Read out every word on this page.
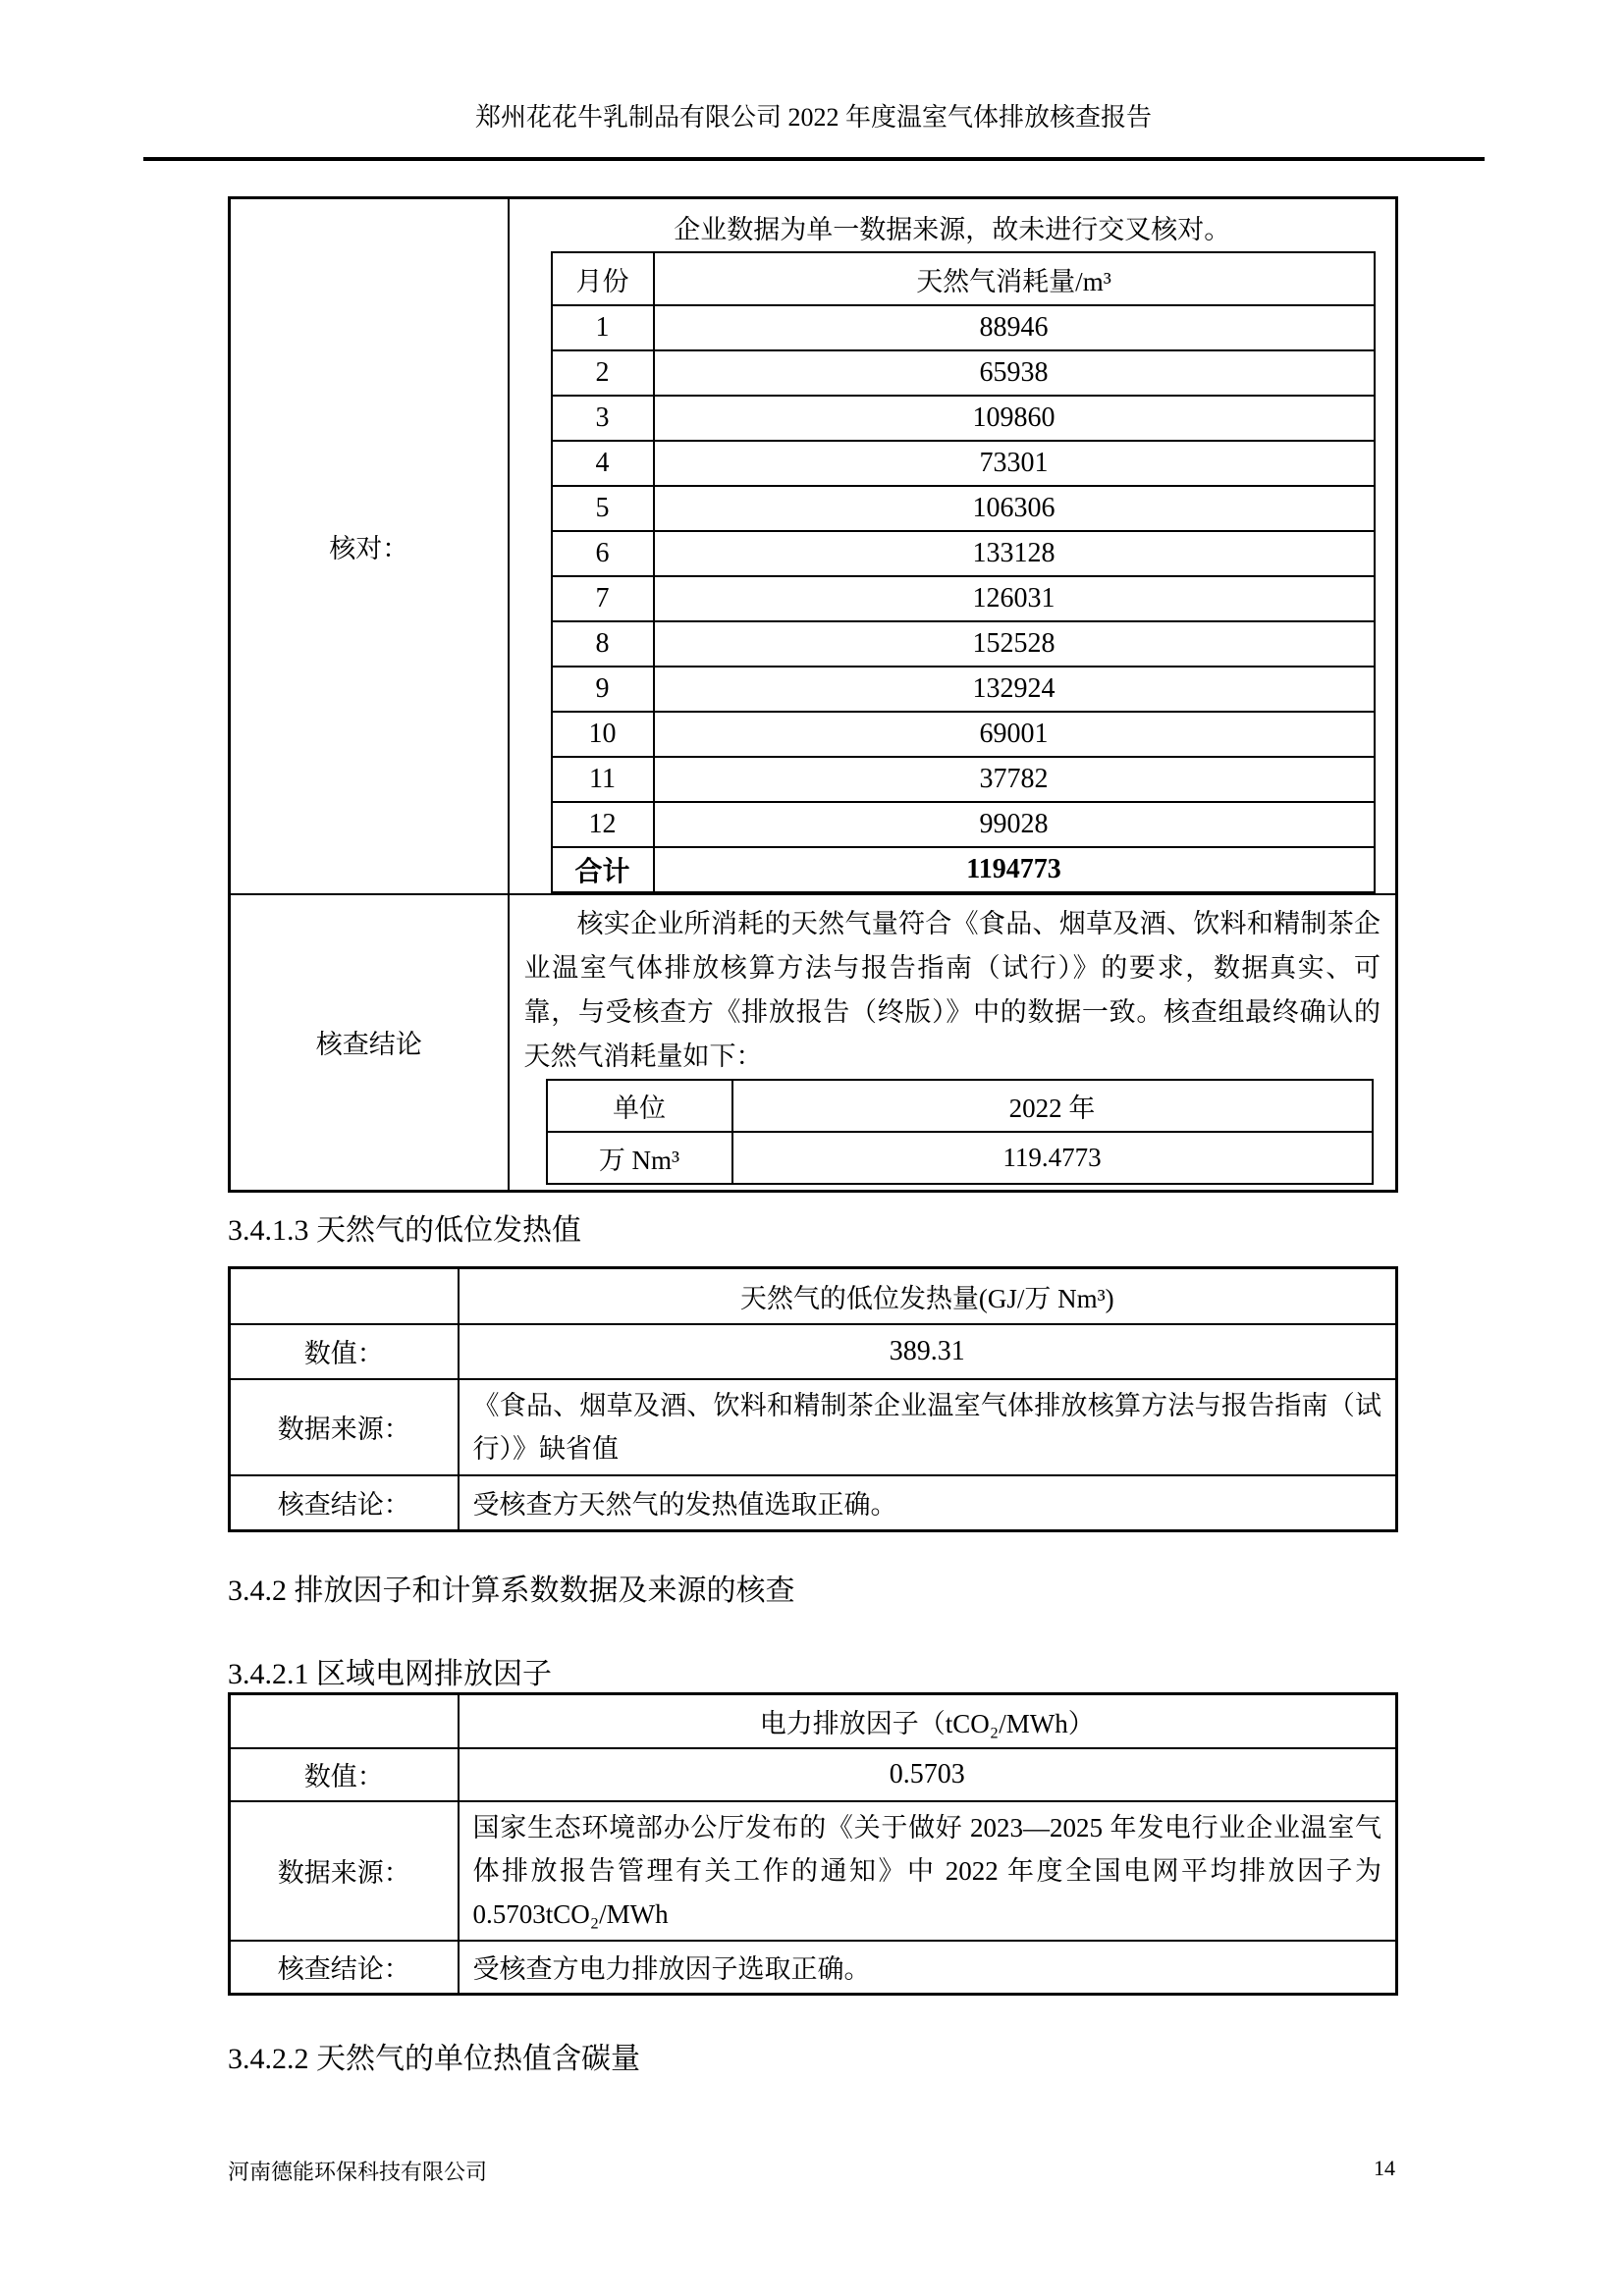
郑州花花牛乳制品有限公司 2022 年度温室气体排放核查报告
核对：	
企业数据为单一数据来源，故未进行交叉核对。
月份	天然气消耗量/m³
1	88946
2	65938
3	109860
4	73301
5	106306
6	133128
7	126031
8	152528
9	132924
10	69001
11	37782
12	99028
合计	1194773

核查结论	
核实企业所消耗的天然气量符合《食品、烟草及酒、饮料和精制茶企业温室气体排放核算方法与报告指南（试行）》的要求，数据真实、可靠，与受核查方《排放报告（终版）》中的数据一致。核查组最终确认的天然气消耗量如下：
单位	2022 年
万 Nm³	119.4773
3.4.1.3 天然气的低位发热值
	天然气的低位发热量(GJ/万 Nm³)
数值：	389.31
数据来源：	《食品、烟草及酒、饮料和精制茶企业温室气体排放核算方法与报告指南（试行）》缺省值
核查结论：	受核查方天然气的发热值选取正确。
3.4.2 排放因子和计算系数数据及来源的核查
3.4.2.1 区域电网排放因子
	电力排放因子（tCO₂/MWh）
数值：	0.5703
数据来源：	国家生态环境部办公厅发布的《关于做好 2023—2025 年发电行业企业温室气体排放报告管理有关工作的通知》中 2022 年度全国电网平均排放因子为 0.5703tCO₂/MWh
核查结论：	受核查方电力排放因子选取正确。
3.4.2.2 天然气的单位热值含碳量
河南德能环保科技有限公司	14
